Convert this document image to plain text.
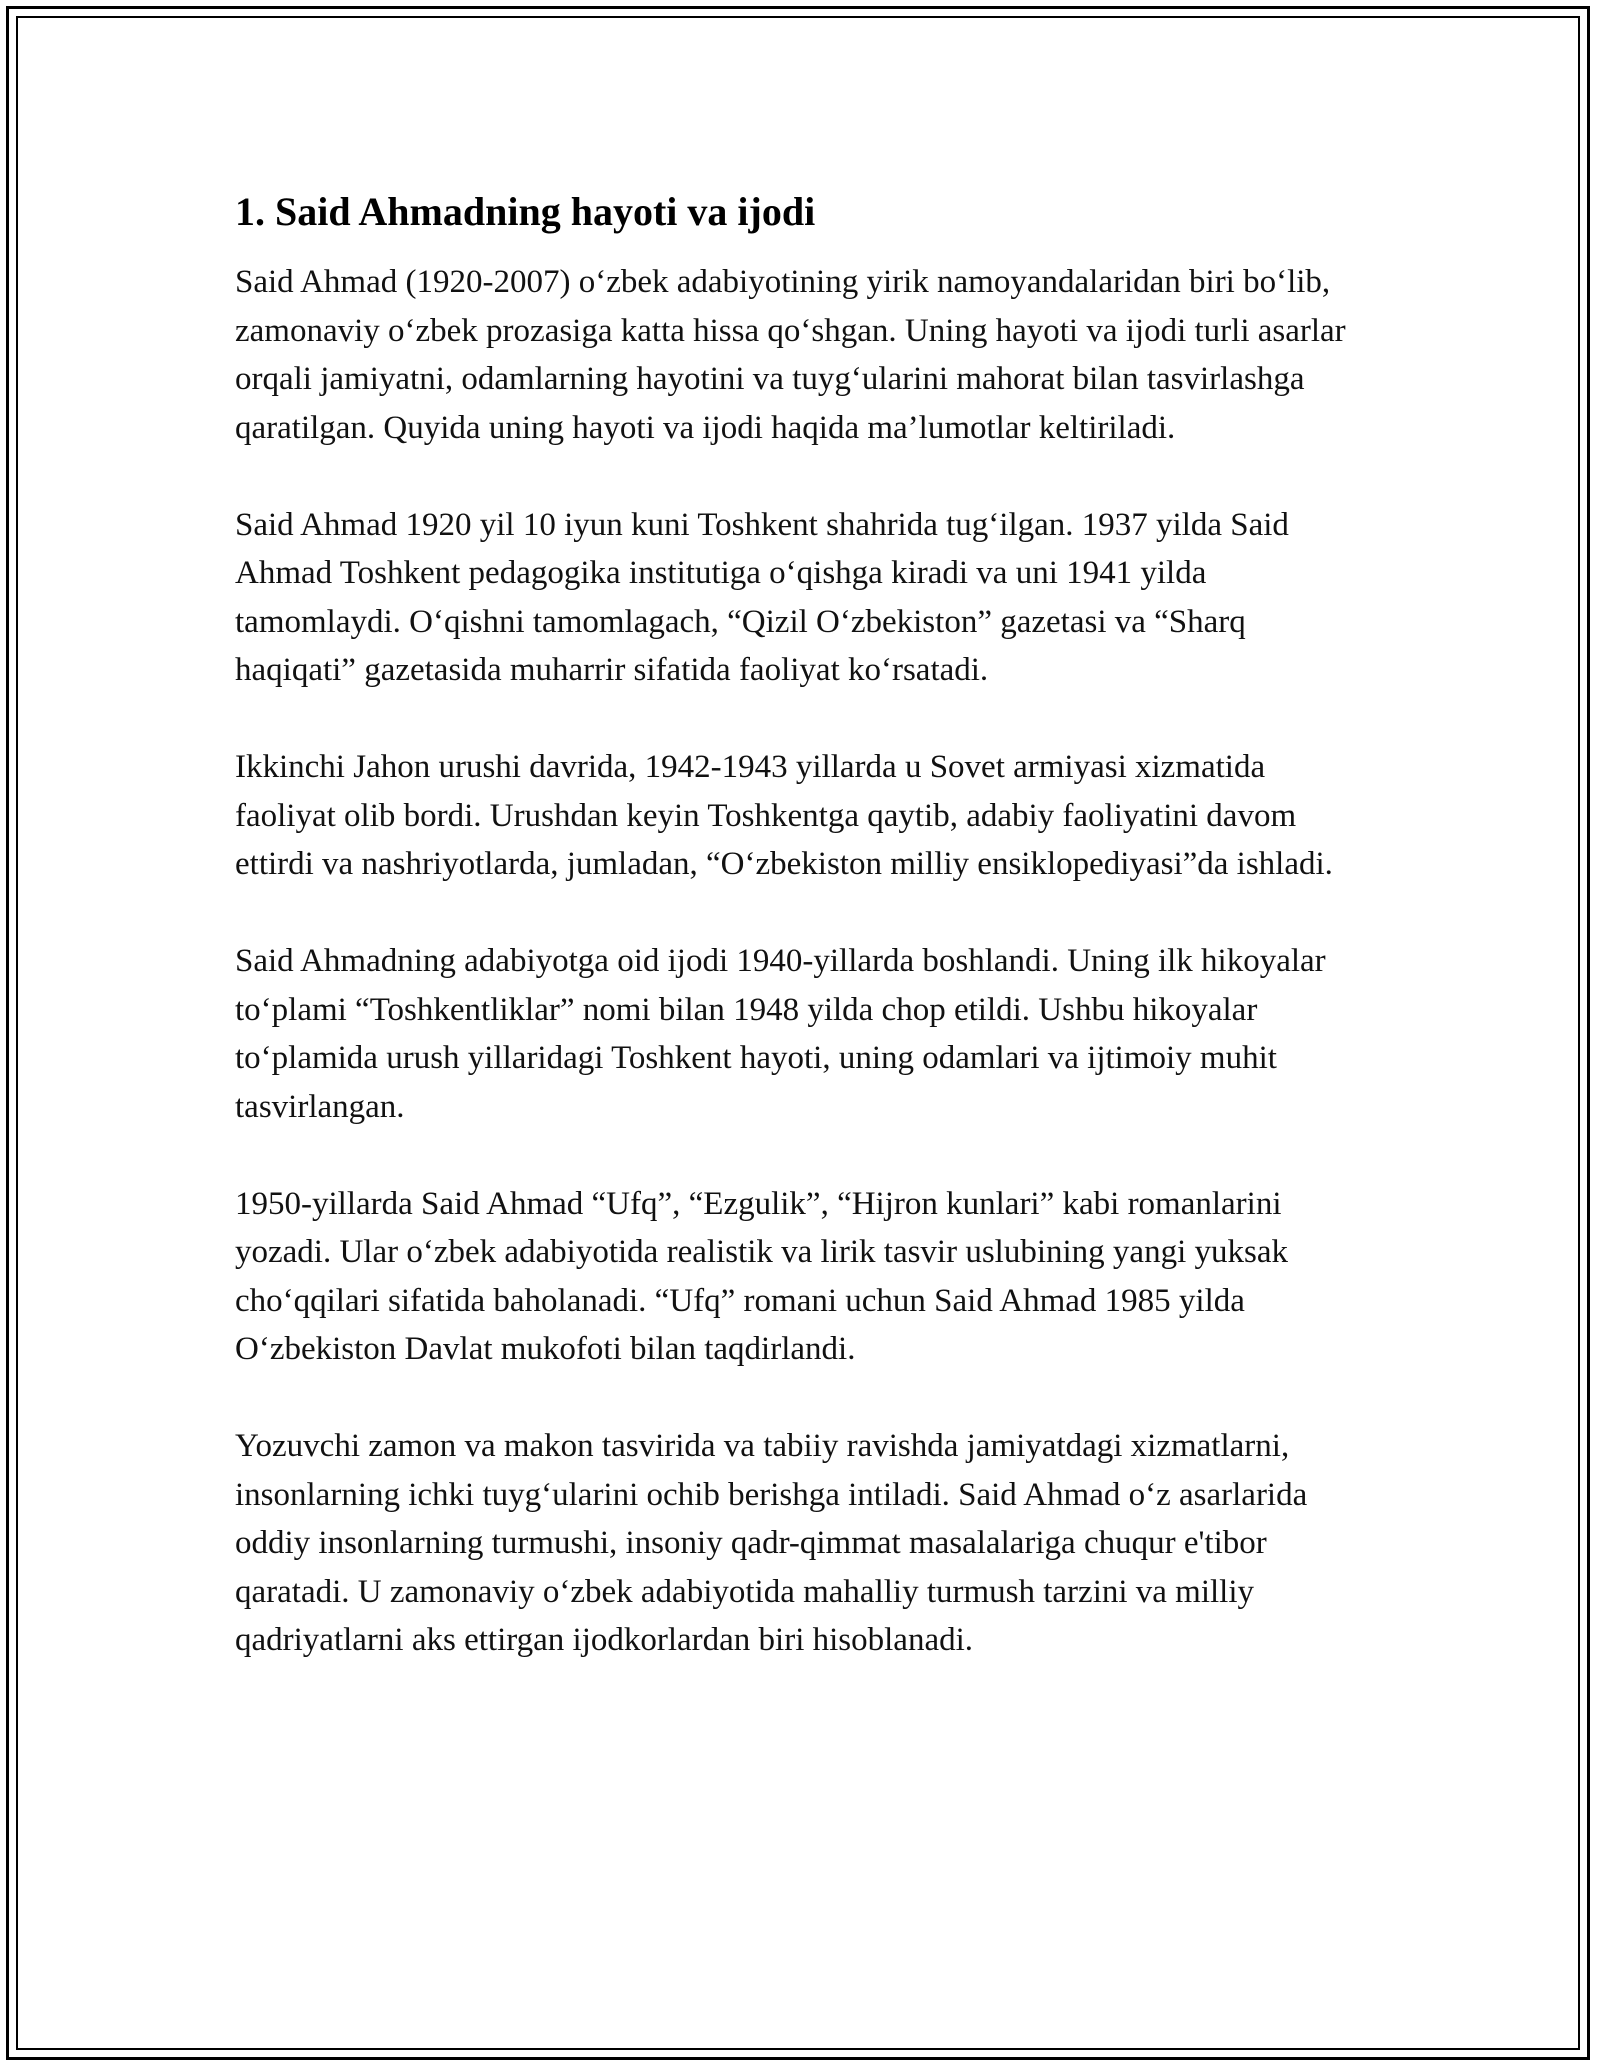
1. Said Ahmadning hayoti va ijodi

Said Ahmad (1920-2007) o‘zbek adabiyotining yirik namoyandalaridan biri bo‘lib, zamonaviy o‘zbek prozasiga katta hissa qo‘shgan. Uning hayoti va ijodi turli asarlar orqali jamiyatni, odamlarning hayotini va tuyg‘ularini mahorat bilan tasvirlashga qaratilgan. Quyida uning hayoti va ijodi haqida ma’lumotlar keltiriladi.

Said Ahmad 1920 yil 10 iyun kuni Toshkent shahrida tug‘ilgan. 1937 yilda Said Ahmad Toshkent pedagogika institutiga o‘qishga kiradi va uni 1941 yilda tamomlaydi. O‘qishni tamomlagach, “Qizil O‘zbekiston” gazetasi va “Sharq haqiqati” gazetasida muharrir sifatida faoliyat ko‘rsatadi.

Ikkinchi Jahon urushi davrida, 1942-1943 yillarda u Sovet armiyasi xizmatida faoliyat olib bordi. Urushdan keyin Toshkentga qaytib, adabiy faoliyatini davom ettirdi va nashriyotlarda, jumladan, “O‘zbekiston milliy ensiklopediyasi”da ishladi.

Said Ahmadning adabiyotga oid ijodi 1940-yillarda boshlandi. Uning ilk hikoyalar to‘plami “Toshkentliklar” nomi bilan 1948 yilda chop etildi. Ushbu hikoyalar to‘plamida urush yillaridagi Toshkent hayoti, uning odamlari va ijtimoiy muhit tasvirlangan.

1950-yillarda Said Ahmad “Ufq”, “Ezgulik”, “Hijron kunlari” kabi romanlarini yozadi. Ular o‘zbek adabiyotida realistik va lirik tasvir uslubining yangi yuksak cho‘qqilari sifatida baholanadi. “Ufq” romani uchun Said Ahmad 1985 yilda O‘zbekiston Davlat mukofoti bilan taqdirlandi.

Yozuvchi zamon va makon tasvirida va tabiiy ravishda jamiyatdagi xizmatlarni, insonlarning ichki tuyg‘ularini ochib berishga intiladi. Said Ahmad o‘z asarlarida oddiy insonlarning turmushi, insoniy qadr-qimmat masalalariga chuqur e'tibor qaratadi. U zamonaviy o‘zbek adabiyotida mahalliy turmush tarzini va milliy qadriyatlarni aks ettirgan ijodkorlardan biri hisoblanadi.
